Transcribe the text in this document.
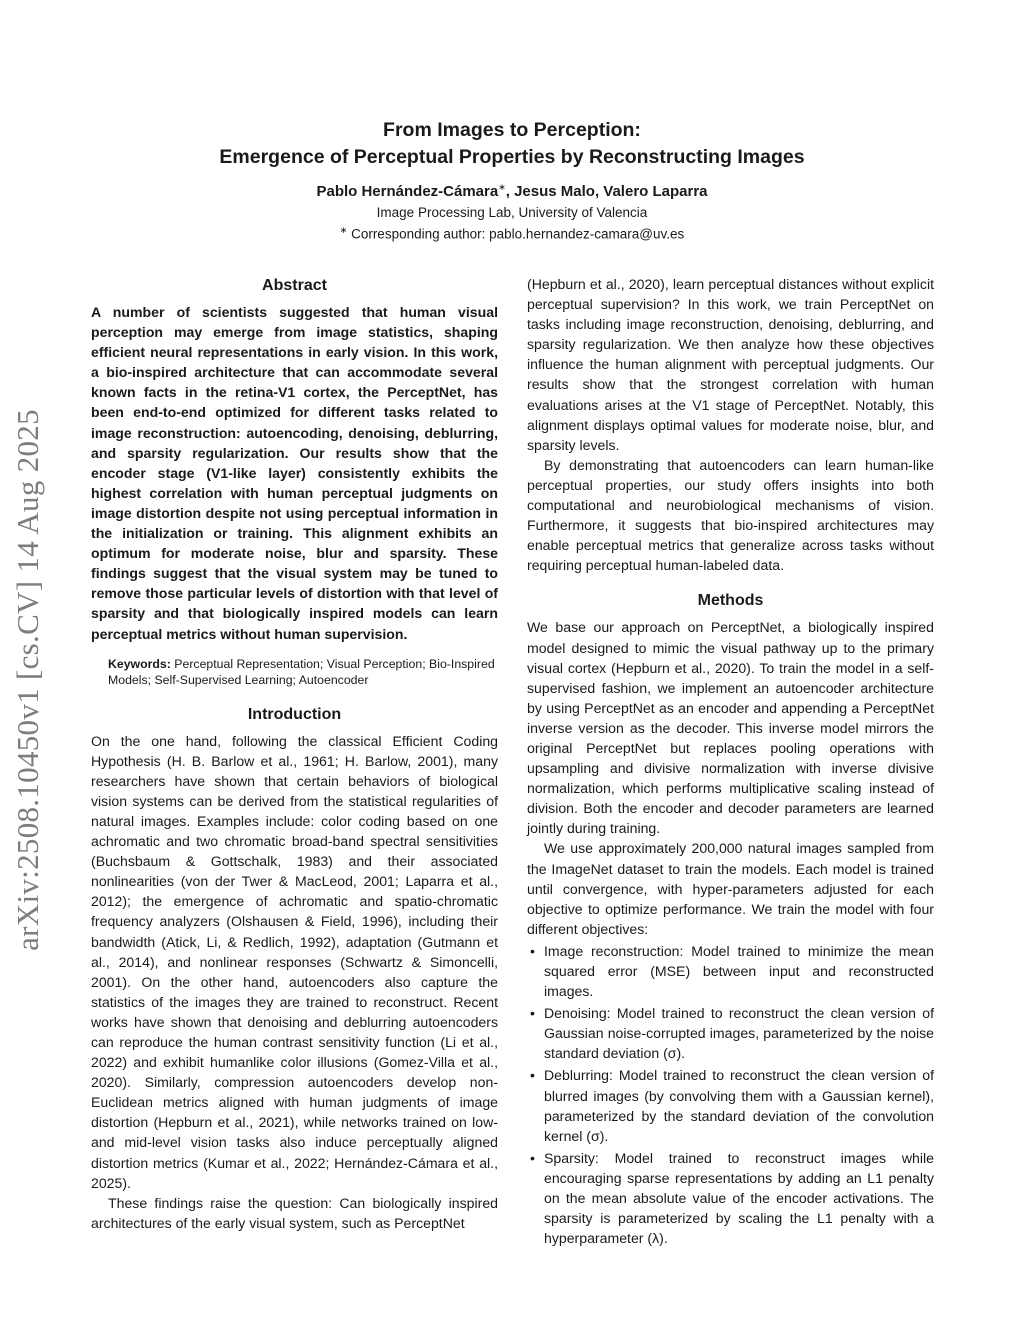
arXiv:2508.10450v1 [cs.CV] 14 Aug 2025
From Images to Perception:
Emergence of Perceptual Properties by Reconstructing Images
Pablo Hernández-Cámara∗, Jesus Malo, Valero Laparra
Image Processing Lab, University of Valencia
∗ Corresponding author: pablo.hernandez-camara@uv.es
Abstract

A number of scientists suggested that human visual perception may emerge from image statistics, shaping efficient neural representations in early vision. In this work, a bio-inspired architecture that can accommodate several known facts in the retina-V1 cortex, the PerceptNet, has been end-to-end optimized for different tasks related to image reconstruction: autoencoding, denoising, deblurring, and sparsity regularization. Our results show that the encoder stage (V1-like layer) consistently exhibits the highest correlation with human perceptual judgments on image distortion despite not using perceptual information in the initialization or training. This alignment exhibits an optimum for moderate noise, blur and sparsity. These findings suggest that the visual system may be tuned to remove those particular levels of distortion with that level of sparsity and that biologically inspired models can learn perceptual metrics without human supervision.

Keywords: Perceptual Representation; Visual Perception; Bio-Inspired Models; Self-Supervised Learning; Autoencoder
Introduction

On the one hand, following the classical Efficient Coding Hypothesis (H. B. Barlow et al., 1961; H. Barlow, 2001), many researchers have shown that certain behaviors of biological vision systems can be derived from the statistical regularities of natural images. Examples include: color coding based on one achromatic and two chromatic broad-band spectral sensitivities (Buchsbaum & Gottschalk, 1983) and their associated nonlinearities (von der Twer & MacLeod, 2001; Laparra et al., 2012); the emergence of achromatic and spatio-chromatic frequency analyzers (Olshausen & Field, 1996), including their bandwidth (Atick, Li, & Redlich, 1992), adaptation (Gutmann et al., 2014), and nonlinear responses (Schwartz & Simoncelli, 2001). On the other hand, autoencoders also capture the statistics of the images they are trained to reconstruct. Recent works have shown that denoising and deblurring autoencoders can reproduce the human contrast sensitivity function (Li et al., 2022) and exhibit humanlike color illusions (Gomez-Villa et al., 2020). Similarly, compression autoencoders develop non-Euclidean metrics aligned with human judgments of image distortion (Hepburn et al., 2021), while networks trained on low- and mid-level vision tasks also induce perceptually aligned distortion metrics (Kumar et al., 2022; Hernández-Cámara et al., 2025).

These findings raise the question: Can biologically inspired architectures of the early visual system, such as PerceptNet

(Hepburn et al., 2020), learn perceptual distances without explicit perceptual supervision? In this work, we train PerceptNet on tasks including image reconstruction, denoising, deblurring, and sparsity regularization. We then analyze how these objectives influence the human alignment with perceptual judgments. Our results show that the strongest correlation with human evaluations arises at the V1 stage of PerceptNet. Notably, this alignment displays optimal values for moderate noise, blur, and sparsity levels.

By demonstrating that autoencoders can learn human-like perceptual properties, our study offers insights into both computational and neurobiological mechanisms of vision. Furthermore, it suggests that bio-inspired architectures may enable perceptual metrics that generalize across tasks without requiring perceptual human-labeled data.

Methods

We base our approach on PerceptNet, a biologically inspired model designed to mimic the visual pathway up to the primary visual cortex (Hepburn et al., 2020). To train the model in a self-supervised fashion, we implement an autoencoder architecture by using PerceptNet as an encoder and appending a PerceptNet inverse version as the decoder. This inverse model mirrors the original PerceptNet but replaces pooling operations with upsampling and divisive normalization with inverse divisive normalization, which performs multiplicative scaling instead of division. Both the encoder and decoder parameters are learned jointly during training.

We use approximately 200,000 natural images sampled from the ImageNet dataset to train the models. Each model is trained until convergence, with hyper-parameters adjusted for each objective to optimize performance. We train the model with four different objectives:

• Image reconstruction: Model trained to minimize the mean squared error (MSE) between input and reconstructed images.
• Denoising: Model trained to reconstruct the clean version of Gaussian noise-corrupted images, parameterized by the noise standard deviation (σ).
• Deblurring: Model trained to reconstruct the clean version of blurred images (by convolving them with a Gaussian kernel), parameterized by the standard deviation of the convolution kernel (σ).
• Sparsity: Model trained to reconstruct images while encouraging sparse representations by adding an L1 penalty on the mean absolute value of the encoder activations. The sparsity is parameterized by scaling the L1 penalty with a hyperparameter (λ).
